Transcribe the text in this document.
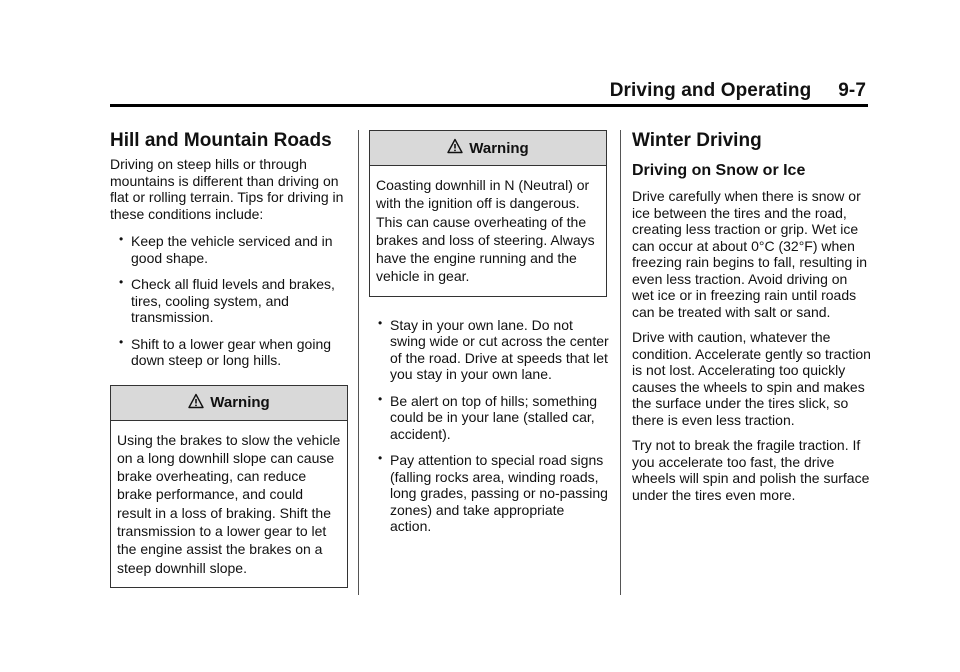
Driving and Operating     9-7
Hill and Mountain Roads

Driving on steep hills or through mountains is different than driving on flat or rolling terrain. Tips for driving in these conditions include:

• Keep the vehicle serviced and in good shape.
• Check all fluid levels and brakes, tires, cooling system, and transmission.
• Shift to a lower gear when going down steep or long hills.
Warning

Using the brakes to slow the vehicle on a long downhill slope can cause brake overheating, can reduce brake performance, and could result in a loss of braking. Shift the transmission to a lower gear to let the engine assist the brakes on a steep downhill slope.

Warning

Coasting downhill in N (Neutral) or with the ignition off is dangerous. This can cause overheating of the brakes and loss of steering. Always have the engine running and the vehicle in gear.

• Stay in your own lane. Do not swing wide or cut across the center of the road. Drive at speeds that let you stay in your own lane.
• Be alert on top of hills; something could be in your lane (stalled car, accident).
• Pay attention to special road signs (falling rocks area, winding roads, long grades, passing or no-passing zones) and take appropriate action.
Winter Driving
Driving on Snow or Ice

Drive carefully when there is snow or ice between the tires and the road, creating less traction or grip. Wet ice can occur at about 0°C (32°F) when freezing rain begins to fall, resulting in even less traction. Avoid driving on wet ice or in freezing rain until roads can be treated with salt or sand.

Drive with caution, whatever the condition. Accelerate gently so traction is not lost. Accelerating too quickly causes the wheels to spin and makes the surface under the tires slick, so there is even less traction.

Try not to break the fragile traction. If you accelerate too fast, the drive wheels will spin and polish the surface under the tires even more.
